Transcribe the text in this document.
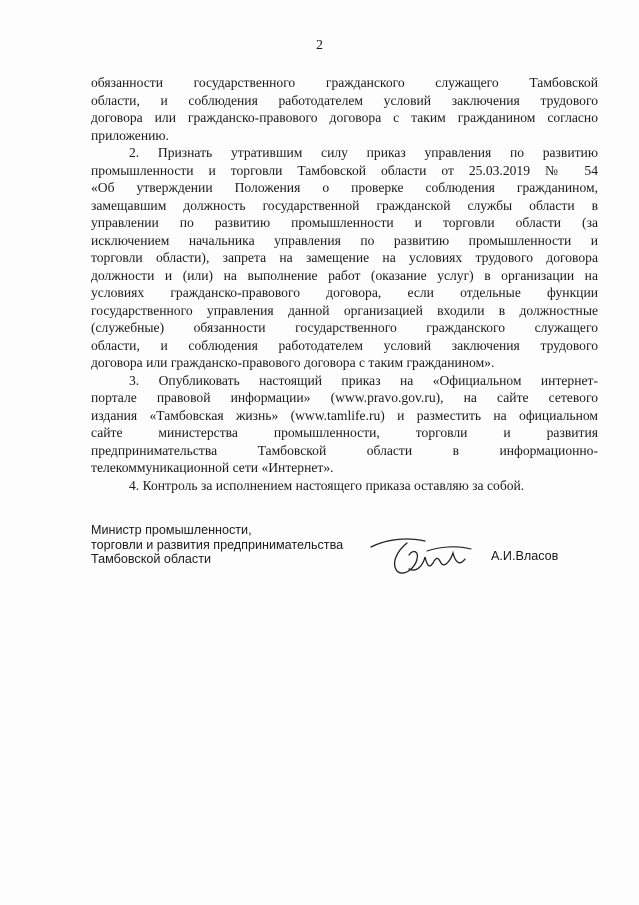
2

обязанности государственного гражданского служащего Тамбовской
области, и соблюдения работодателем условий заключения трудового
договора или гражданско-правового договора с таким гражданином согласно
приложению.

2. Признать утратившим силу приказ управления по развитию
промышленности и торговли Тамбовской области от 25.03.2019 № 54
«Об утверждении Положения о проверке соблюдения гражданином,
замещавшим должность государственной гражданской службы области в
управлении по развитию промышленности и торговли области (за
исключением начальника управления по развитию промышленности и
торговли области), запрета на замещение на условиях трудового договора
должности и (или) на выполнение работ (оказание услуг) в организации на
условиях гражданско-правового договора, если отдельные функции
государственного управления данной организацией входили в должностные
(служебные) обязанности государственного гражданского служащего
области, и соблюдения работодателем условий заключения трудового
договора или гражданско-правового договора с таким гражданином».

3. Опубликовать настоящий приказ на «Официальном интернет-
портале правовой информации» (www.pravo.gov.ru), на сайте сетевого
издания «Тамбовская жизнь» (www.tamlife.ru) и разместить на официальном
сайте министерства промышленности, торговли и развития
предпринимательства Тамбовской области в информационно-
телекоммуникационной сети «Интернет».

4. Контроль за исполнением настоящего приказа оставляю за собой.

Министр промышленности,
торговли и развития предпринимательства
Тамбовской области	А.И.Власов
